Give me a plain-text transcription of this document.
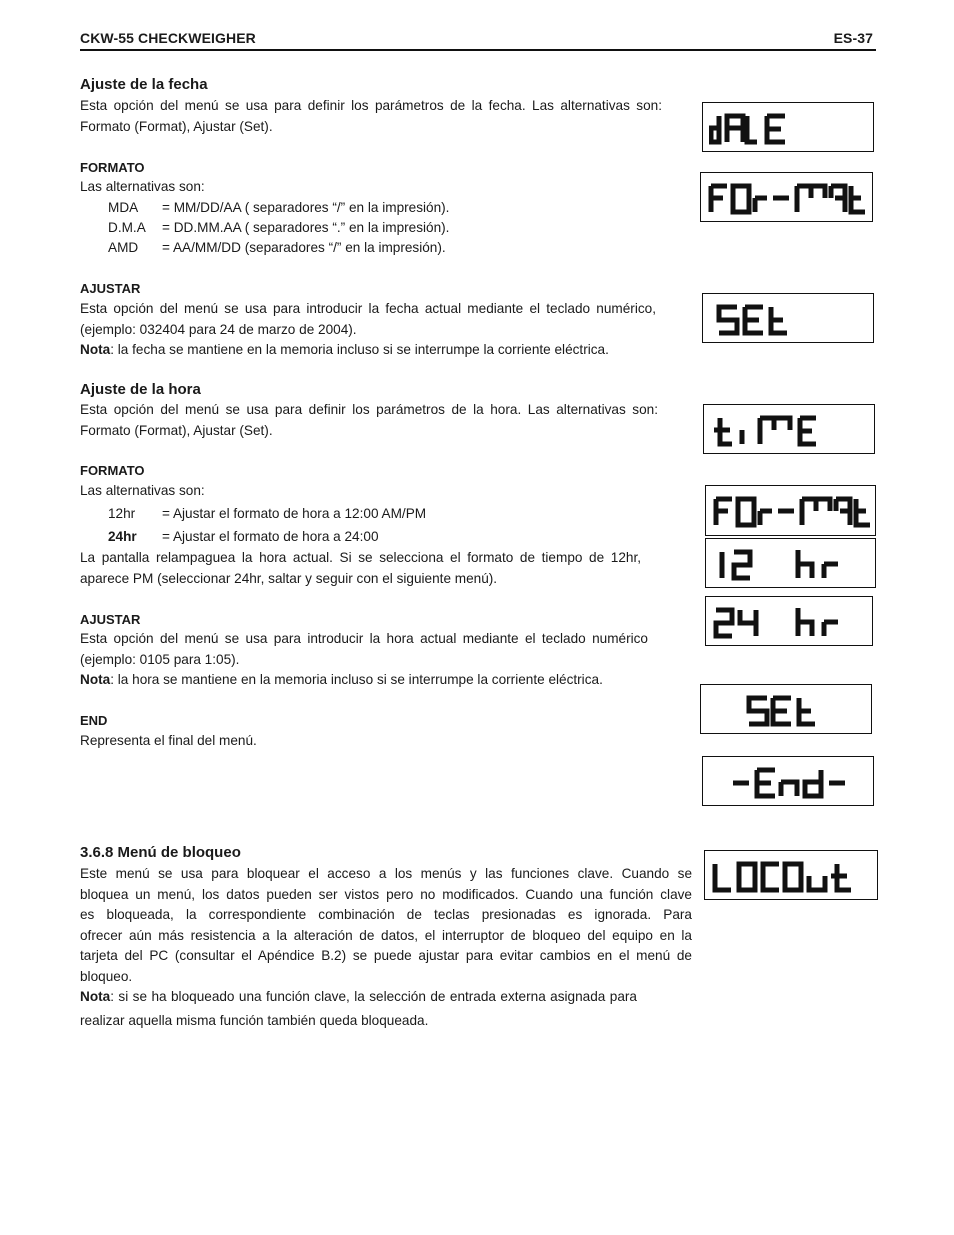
CKW-55 CHECKWEIGHER	ES-37
Ajuste de la fecha

Esta opción del menú se usa para definir los parámetros de la fecha. Las alternativas son:

Formato (Format), Ajustar (Set).

FORMATO

Las alternativas son:

MDA = MM/DD/AA ( separadores “/” en la impresión).
D.M.A = DD.MM.AA ( separadores “.” en la impresión).
AMD = AA/MM/DD (separadores “/” en la impresión).
AJUSTAR

Esta opción del menú se usa para introducir la fecha actual mediante el teclado numérico,

(ejemplo: 032404 para 24 de marzo de 2004).

Nota: la fecha se mantiene en la memoria incluso si se interrumpe la corriente eléctrica.

Ajuste de la hora

Esta opción del menú se usa para definir los parámetros de la hora. Las alternativas son:

Formato (Format), Ajustar (Set).

FORMATO

Las alternativas son:

12hr = Ajustar el formato de hora a 12:00 AM/PM
24hr = Ajustar el formato de hora a 24:00

La pantalla relampaguea la hora actual. Si se selecciona el formato de tiempo de 12hr,

aparece PM (seleccionar 24hr, saltar y seguir con el siguiente menú).

AJUSTAR

Esta opción del menú se usa para introducir la hora actual mediante el teclado numérico

(ejemplo: 0105 para 1:05).

Nota: la hora se mantiene en la memoria incluso si se interrumpe la corriente eléctrica.

END

Representa el final del menú.

3.6.8 Menú de bloqueo

Este menú se usa para bloquear el acceso a los menús y las funciones clave. Cuando se

bloquea un menú, los datos pueden ser vistos pero no modificados. Cuando una función clave

es bloqueada, la correspondiente combinación de teclas presionadas es ignorada. Para

ofrecer aún más resistencia a la alteración de datos, el interruptor de bloqueo del equipo en la

tarjeta del PC (consultar el Apéndice B.2) se puede ajustar para evitar cambios en el menú de

bloqueo.

Nota: si se ha bloqueado una función clave, la selección de entrada externa asignada para

realizar aquella misma función también queda bloqueada.
